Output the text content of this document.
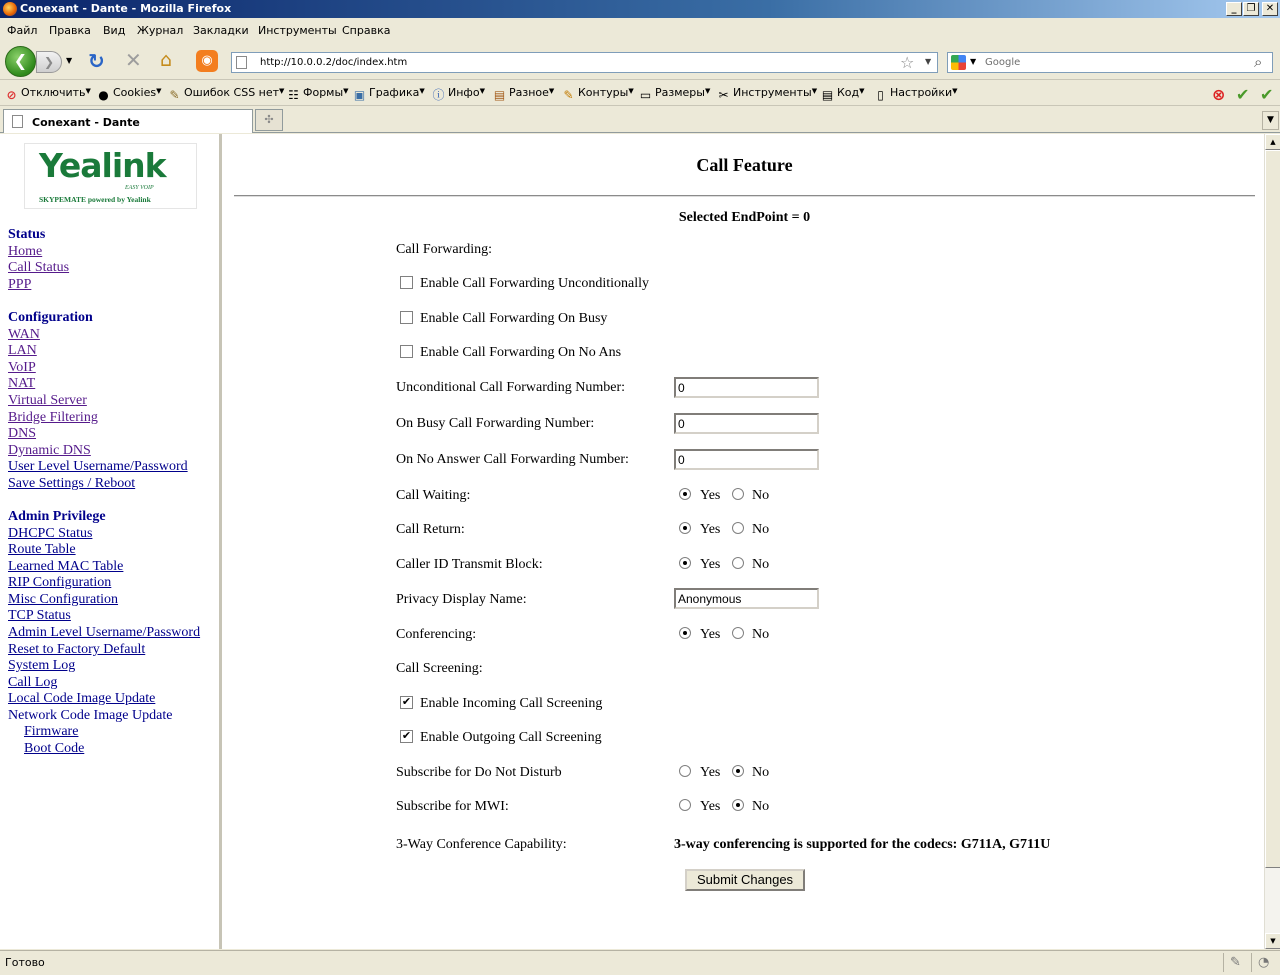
Conexant - Dante - Mozilla Firefox	_	❐	✕
Файл Правка Вид Журнал Закладки Инструменты Справка
❮	❯	▼ ↻ ✕ ⌂	◉	http://10.0.0.2/doc/index.htm	☆ ▼	▼ Google	⌕
⊘ Отключить▼ ● Cookies▼ ✎ Ошибок CSS нет▼ ☷ Формы▼ ▣ Графика▼ ⓘ Инфо▼ ▤ Разное▼ ✎ Контуры▼ ▭ Размеры▼ ✂ Инструменты▼ ▤ Код▼	▯ Настройки▼	⊗ ✔ ✔
Conexant - Dante	✣	▼
Yealink
EASY VOIP
SKYPEMATE powered by Yealink
Status
Home
Call Status
PPP
Configuration
WAN
LAN
VoIP
NAT
Virtual Server
Bridge Filtering
DNS
Dynamic DNS
User Level Username/Password
Save Settings / Reboot
Admin Privilege
DHCPC Status
Route Table
Learned MAC Table
RIP Configuration
Misc Configuration
TCP Status
Admin Level Username/Password
Reset to Factory Default
System Log
Call Log
Local Code Image Update
Network Code Image Update
Firmware
Boot Code
Call Feature
Selected EndPoint = 0
Call Forwarding:
Enable Call Forwarding Unconditionally
Enable Call Forwarding On Busy
Enable Call Forwarding On No Ans
Unconditional Call Forwarding Number:	0
On Busy Call Forwarding Number:	0
On No Answer Call Forwarding Number:	0
Call Waiting:	Yes No
Call Return:	Yes No
Caller ID Transmit Block:	Yes No
Privacy Display Name:	Anonymous
Conferencing:	Yes No
Call Screening:
✔ Enable Incoming Call Screening
✔ Enable Outgoing Call Screening
Subscribe for Do Not Disturb	Yes No
Subscribe for MWI:	Yes No
3-Way Conference Capability:	3-way conferencing is supported for the codecs: G711A, G711U
Submit Changes
▲
▼
Готово	✎ ◔
